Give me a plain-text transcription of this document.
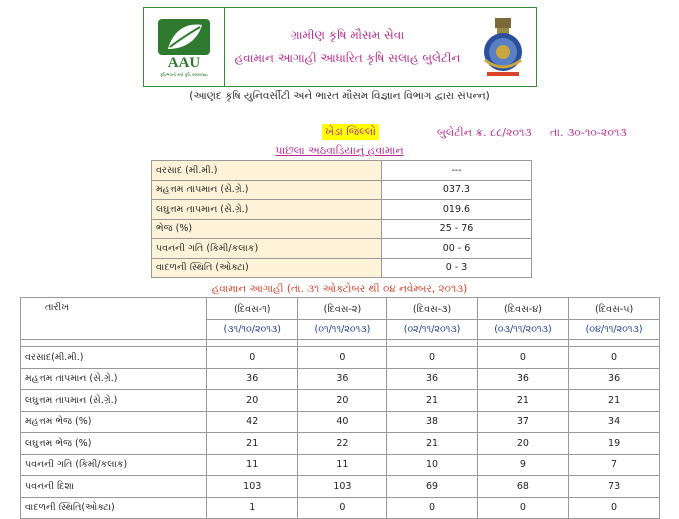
AAU
કૃષિભવનો રાખે કૃષિ રામરાજ્ય
ગ્રામીણ કૃષિ મૌસમ સેવા
હવામાન આગાહી આધારિત કૃષિ સલાહ બુલેટીન
(આણંદ કૃષિ યુનિવર્સીટી અને ભારત મૌસમ વિજ્ઞાન વિભાગ દ્વારા સંપન્ન)
ખેડા જિલ્લો	બુલેટીન ક્ર. ૮૮/૨૦૧૩ તા. ૩૦-૧૦-૨૦૧૩
પાછલા અઠવાડિયાનું હવામાન
વરસાદ (મી.મી.)	---
મહત્તમ તાપમાન (સે.ગ્રે.)	037.3
લઘુત્તમ તાપમાન (સે.ગ્રે.)	019.6
ભેજ (%)	25 - 76
પવનની ગતિ (કિમી/કલાક)	00 - 6
વાદળની સ્થિતિ (ઓક્ટા)	0 - 3
હવામાન આગાહી (તા. ૩૧ ઓક્ટોબર થી ૦૪ નવેમ્બર, ૨૦૧૩)
તારીખ	(દિવસ-૧)	(દિવસ-૨)	(દિવસ-૩)	(દિવસ-૪)	(દિવસ-૫)
	(૩૧/૧૦/૨૦૧૩)	(૦૧/૧૧/૨૦૧૩)	(૦૨/૧૧/૨૦૧૩)	(૦૩/૧૧/૨૦૧૩)	(૦૪/૧૧/૨૦૧૩)

વરસાદ(મી.મી.)	0	0	0	0	0
મહત્તમ તાપમાન (સે.ગ્રે.)	36	36	36	36	36
લઘુત્તમ તાપમાન (સે.ગ્રે.)	20	20	21	21	21
મહત્તમ ભેજ (%)	42	40	38	37	34
લઘુત્તમ ભેજ (%)	21	22	21	20	19
પવનની ગતિ (કિમી/કલાક)	11	11	10	9	7
પવનની દિશા	103	103	69	68	73
વાદળની સ્થિતિ(ઓક્ટા)	1	0	0	0	0
